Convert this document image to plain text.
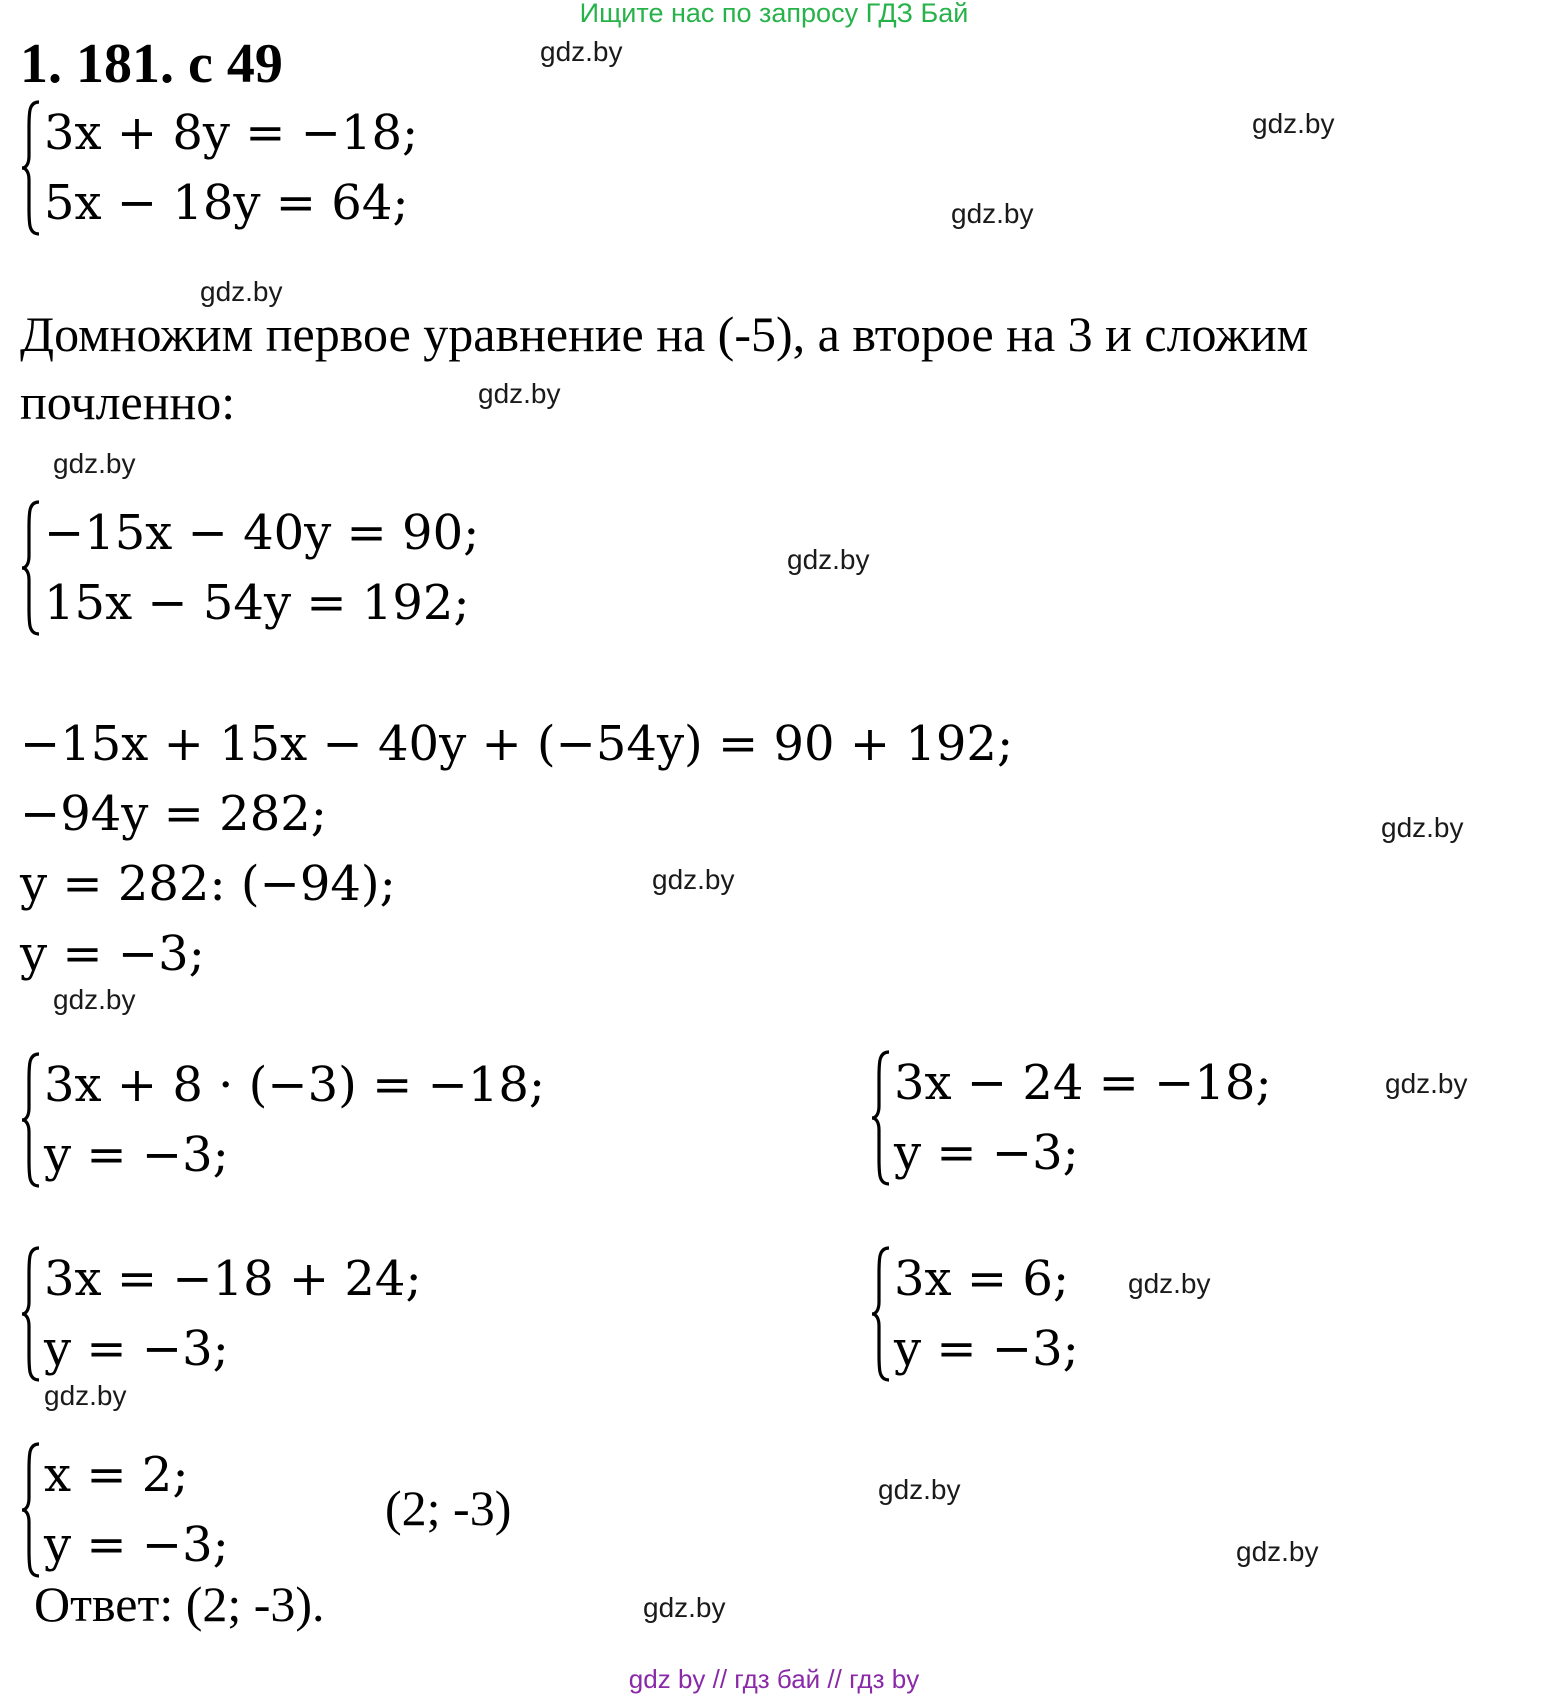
Ищите нас по запросу ГДЗ Бай
1. 181. с 49	gdz.by
gdz.by
gdz.by
gdz.by
gdz.by
gdz.by
gdz.by
gdz.by
gdz.by
gdz.by
gdz.by
gdz.by
gdz.by
gdz.by
gdz.by
gdz.by
3x + 8y = −18;
5x − 18y = 64;
Домножим первое уравнение на (-5), а второе на 3 и сложим
почленно:
−15x − 40y = 90;
15x − 54y = 192;
−15x + 15x − 40y + (−54y) = 90 + 192;
−94y = 282;
y = 282: (−94);
y = −3;
3x + 8 · (−3) = −18;
y = −3;
3x − 24 = −18;
y = −3;
3x = −18 + 24;
y = −3;
3x = 6;
y = −3;
x = 2;
y = −3;
(2; -3)
Ответ: (2; -3).
gdz by // гдз бай // гдз by
